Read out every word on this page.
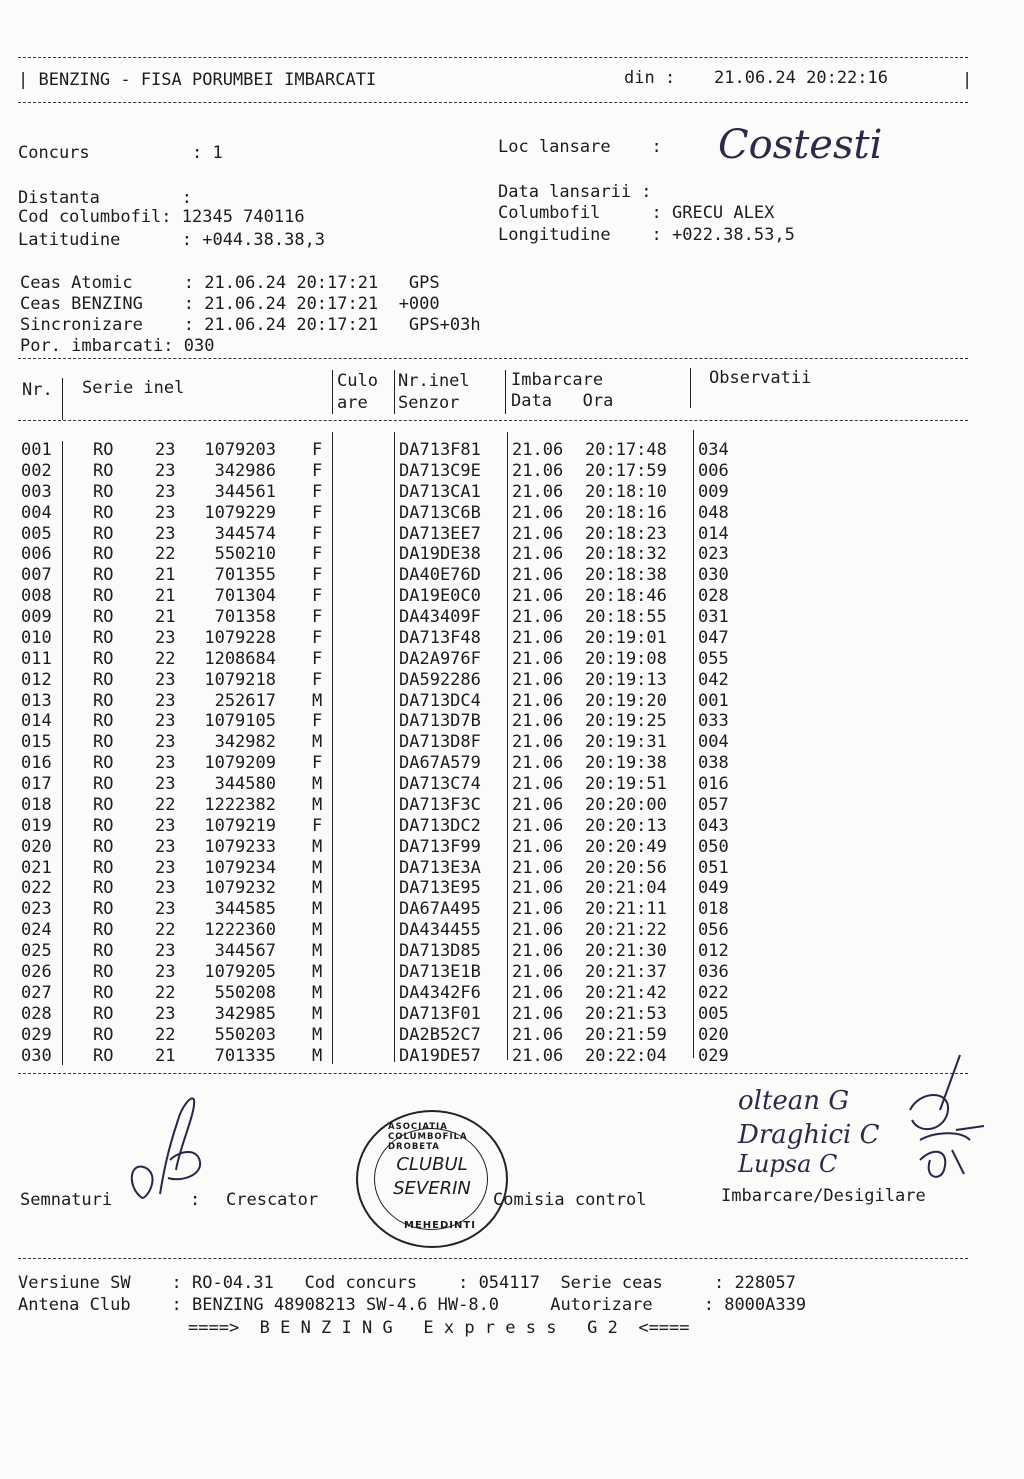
| BENZING - FISA PORUMBEI IMBARCATI	din : 21.06.24 20:22:16	|
Concurs          : 1	Loc lansare    : Costesti
Distanta        :	Data lansarii :
Cod columbofil: 12345 740116	Columbofil     : GRECU ALEX
Latitudine      : +044.38.38,3	Longitudine    : +022.38.53,5
Ceas Atomic     : 21.06.24 20:17:21   GPS
Ceas BENZING    : 21.06.24 20:17:21  +000
Sincronizare    : 21.06.24 20:17:21   GPS+03h
Por. imbarcati: 030
Nr. Serie inel	Culo
are
Nr.inel
Senzor
Imbarcare
Data   Ora
Observatii
001 RO 23 1079203 F	DA713F81 21.06 20:17:48 034
002 RO 23 342986 F	DA713C9E 21.06 20:17:59 006
003 RO 23 344561 F	DA713CA1 21.06 20:18:10 009
004 RO 23 1079229 F	DA713C6B 21.06 20:18:16 048
005 RO 23 344574 F	DA713EE7 21.06 20:18:23 014
006 RO 22 550210 F	DA19DE38 21.06 20:18:32 023
007 RO 21 701355 F	DA40E76D 21.06 20:18:38 030
008 RO 21 701304 F	DA19E0C0 21.06 20:18:46 028
009 RO 21 701358 F	DA43409F 21.06 20:18:55 031
010 RO 23 1079228 F	DA713F48 21.06 20:19:01 047
011 RO 22 1208684 F	DA2A976F 21.06 20:19:08 055
012 RO 23 1079218 F	DA592286 21.06 20:19:13 042
013 RO 23 252617 M	DA713DC4 21.06 20:19:20 001
014 RO 23 1079105 F	DA713D7B 21.06 20:19:25 033
015 RO 23 342982 M	DA713D8F 21.06 20:19:31 004
016 RO 23 1079209 F	DA67A579 21.06 20:19:38 038
017 RO 23 344580 M	DA713C74 21.06 20:19:51 016
018 RO 22 1222382 M	DA713F3C 21.06 20:20:00 057
019 RO 23 1079219 F	DA713DC2 21.06 20:20:13 043
020 RO 23 1079233 M	DA713F99 21.06 20:20:49 050
021 RO 23 1079234 M	DA713E3A 21.06 20:20:56 051
022 RO 23 1079232 M	DA713E95 21.06 20:21:04 049
023 RO 23 344585 M	DA67A495 21.06 20:21:11 018
024 RO 22 1222360 M	DA434455 21.06 20:21:22 056
025 RO 23 344567 M	DA713D85 21.06 20:21:30 012
026 RO 23 1079205 M	DA713E1B 21.06 20:21:37 036
027 RO 22 550208 M	DA4342F6 21.06 20:21:42 022
028 RO 23 342985 M	DA713F01 21.06 20:21:53 005
029 RO 22 550203 M	DA2B52C7 21.06 20:21:59 020
030 RO 21 701335 M	DA19DE57 21.06 20:22:04 029
Semnaturi	: Crescator	Comisia control	Imbarcare/Desigilare
oltean G
Draghici C
Lupsa C
ASOCIATIA COLUMBOFILA DROBETA
CLUBUL
SEVERIN
MEHEDINTI
Versiune SW    : RO-04.31   Cod concurs    : 054117  Serie ceas     : 228057
Antena Club    : BENZING 48908213 SW-4.6 HW-8.0     Autorizare     : 8000A339
====>  B E N Z I N G   E x p r e s s   G 2  <====
